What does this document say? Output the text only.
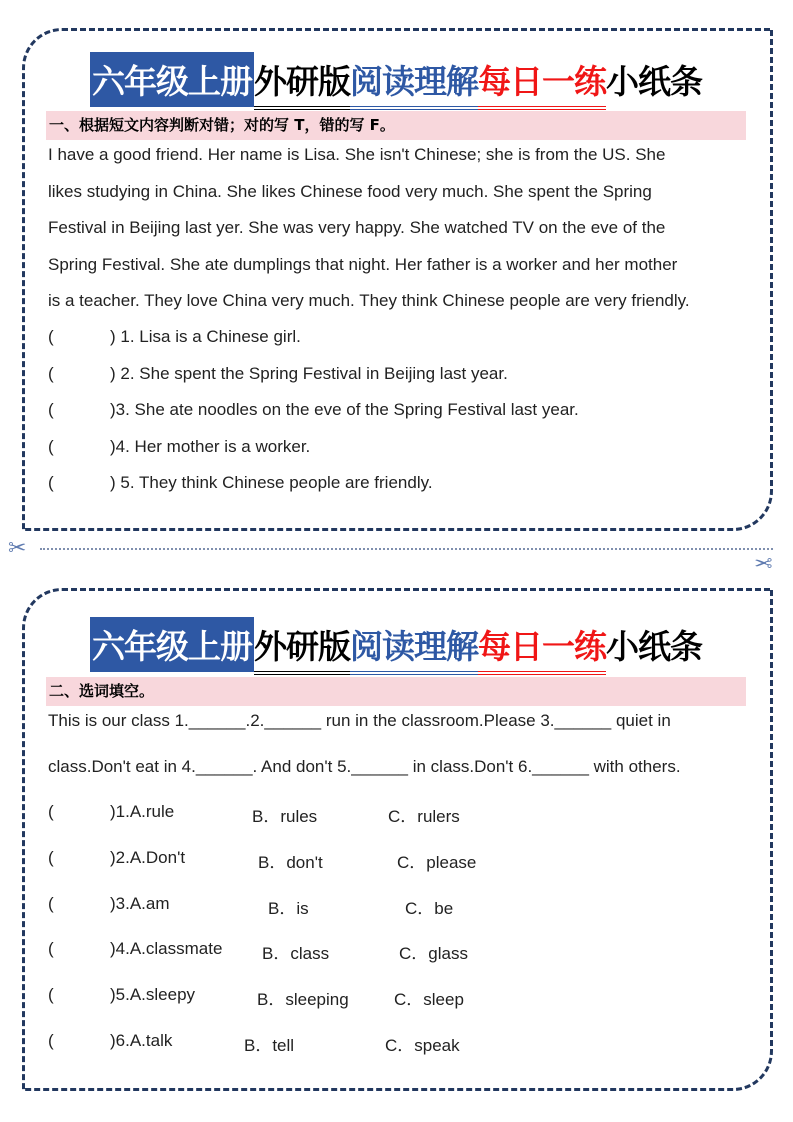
六年级上册外研版阅读理解每日一练小纸条
一、根据短文内容判断对错；对的写 T，错的写 F。
I have a good friend. Her name is Lisa. She isn't Chinese; she is from the US. She
likes studying in China. She likes Chinese food very much. She spent the Spring
Festival in Beijing last yer. She was very happy. She watched TV on the eve of the
Spring Festival. She ate dumplings that night. Her father is a worker and her mother
is a teacher. They love China very much. They think Chinese people are very friendly.
(	) 1. Lisa is a Chinese girl.
(	) 2. She spent the Spring Festival in Beijing last year.
(	)3. She ate noodles on the eve of the Spring Festival last year.
(	)4. Her mother is a worker.
(	) 5. They think Chinese people are friendly.
✂
✂
六年级上册外研版阅读理解每日一练小纸条
二、选词填空。
This is our class 1.______.2.______ run in the classroom.Please 3.______ quiet in
class.Don't eat in 4.______. And don't 5.______ in class.Don't 6.______ with others.
(	)1.A.rule	B．rules	C．rulers
(	)2.A.Don't	B．don't	C．please
(	)3.A.am	B．is	C．be
(	)4.A.classmate B．class	C．glass
(	)5.A.sleepy	B．sleeping	C．sleep
(	)6.A.talk	B．tell	C．speak
